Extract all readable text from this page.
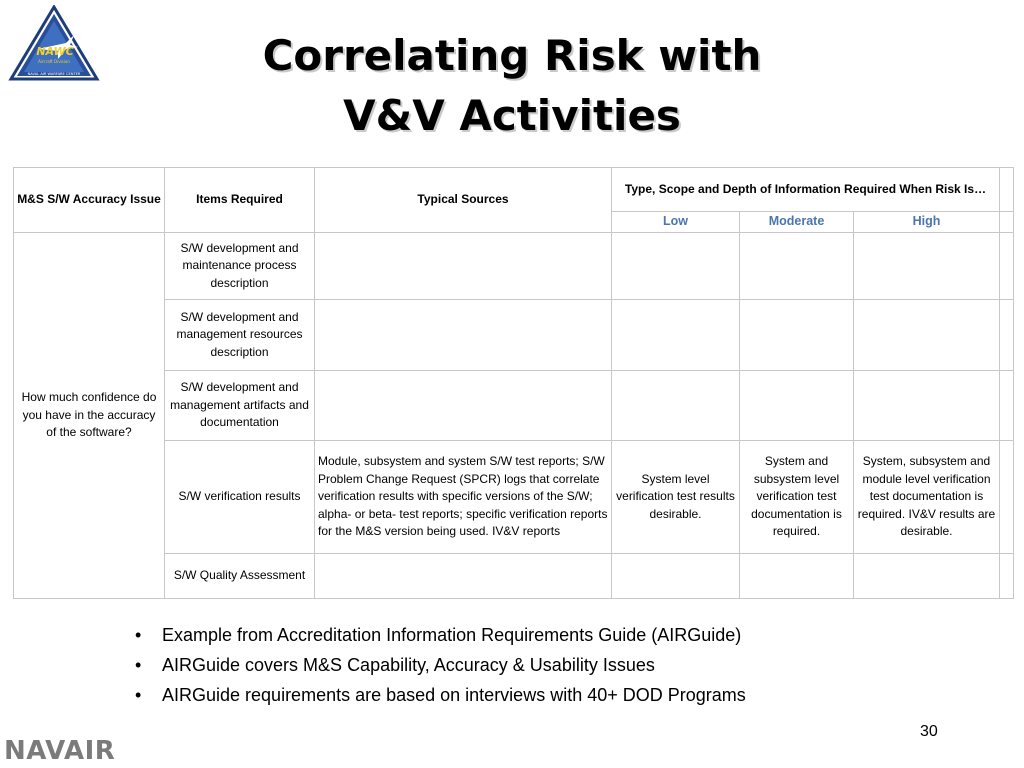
NAWC
Aircraft Division
NAVAL AIR WARFARE CENTER	Correlating Risk with
V&V Activities
M&S S/W Accuracy Issue	Items Required	Typical Sources	Type, Scope and Depth of Information Required When Risk Is…			
			Low	Moderate	High	
How much confidence do you have in the accuracy of the software?	S/W development and maintenance process description					
	S/W development and management resources description					
	S/W development and management artifacts and documentation					
	S/W verification results	Module, subsystem and system S/W test reports; S/W Problem Change Request (SPCR) logs that correlate verification results with specific versions of the S/W; alpha- or beta- test reports; specific verification reports for the M&S version being used. IV&V reports	System level verification test results desirable.	System and subsystem level verification test documentation is required.	System, subsystem and module level verification test documentation is required. IV&V results are desirable.	
	S/W Quality Assessment					
• Example from Accreditation Information Requirements Guide (AIRGuide)
• AIRGuide covers M&S Capability, Accuracy & Usability Issues
• AIRGuide requirements are based on interviews with 40+ DOD Programs
30
NAVAIR
